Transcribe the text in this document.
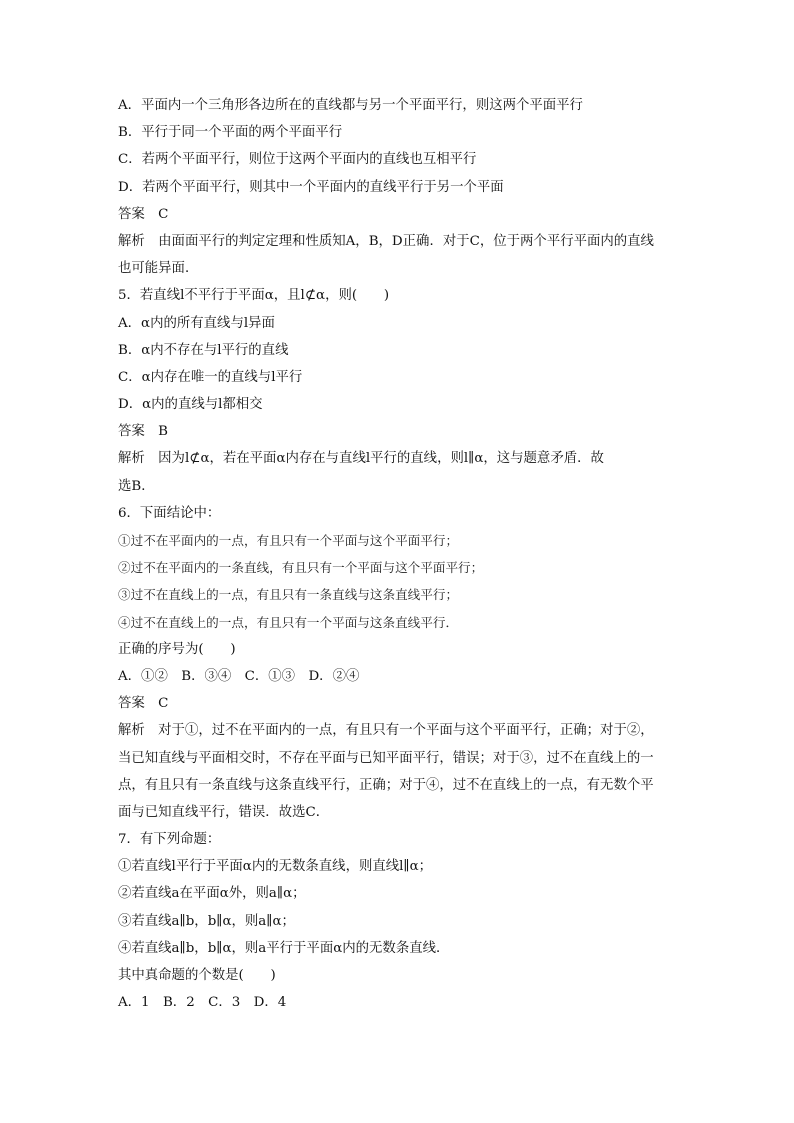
A．平面内一个三角形各边所在的直线都与另一个平面平行，则这两个平面平行
B．平行于同一个平面的两个平面平行
C．若两个平面平行，则位于这两个平面内的直线也互相平行
D．若两个平面平行，则其中一个平面内的直线平行于另一个平面
答案　C
解析　由面面平行的判定定理和性质知A，B，D正确．对于C，位于两个平行平面内的直线
也可能异面．
5．若直线l不平行于平面α，且l⊄α，则(　　)
A．α内的所有直线与l异面
B．α内不存在与l平行的直线
C．α内存在唯一的直线与l平行
D．α内的直线与l都相交
答案　B
解析　因为l⊄α，若在平面α内存在与直线l平行的直线，则l∥α，这与题意矛盾．故
选B．
6．下面结论中：
①过不在平面内的一点，有且只有一个平面与这个平面平行；
②过不在平面内的一条直线，有且只有一个平面与这个平面平行；
③过不在直线上的一点，有且只有一条直线与这条直线平行；
④过不在直线上的一点，有且只有一个平面与这条直线平行．
正确的序号为(　　)
A．①②　B．③④　C．①③　D．②④
答案　C
解析　对于①，过不在平面内的一点，有且只有一个平面与这个平面平行，正确；对于②，
当已知直线与平面相交时，不存在平面与已知平面平行，错误；对于③，过不在直线上的一
点，有且只有一条直线与这条直线平行，正确；对于④，过不在直线上的一点，有无数个平
面与已知直线平行，错误．故选C．
7．有下列命题：
①若直线l平行于平面α内的无数条直线，则直线l∥α；
②若直线a在平面α外，则a∥α；
③若直线a∥b，b∥α，则a∥α；
④若直线a∥b，b∥α，则a平行于平面α内的无数条直线．
其中真命题的个数是(　　)
A．1　B．2　C．3　D．4
